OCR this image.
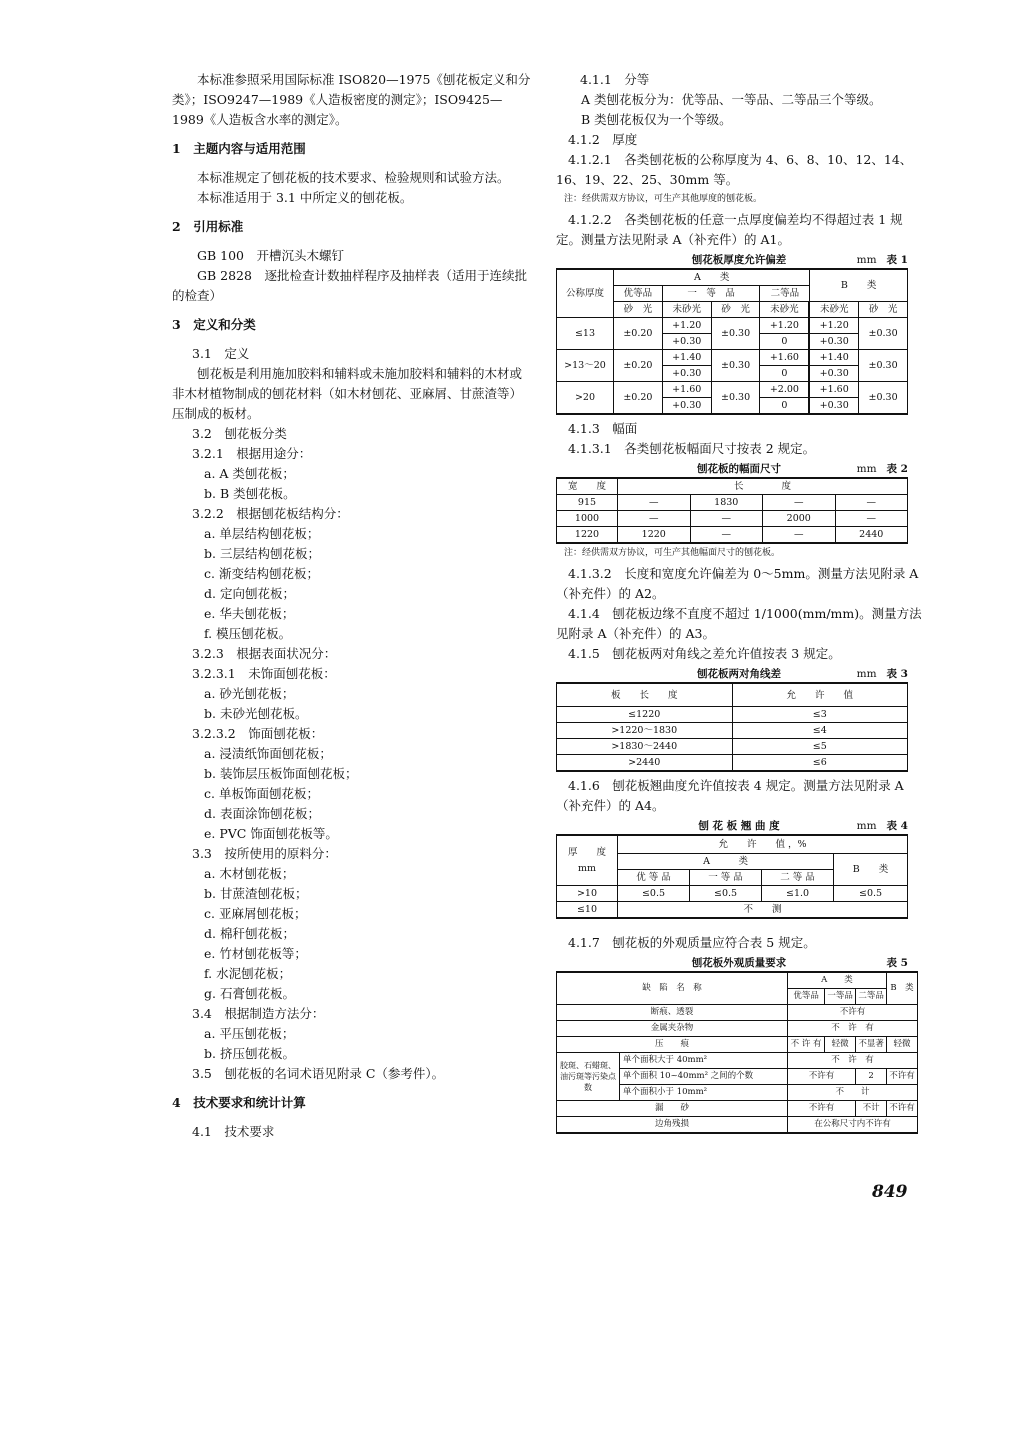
本标准参照采用国际标准 ISO820—1975《刨花板定义和分类》；ISO9247—1989《人造板密度的测定》；ISO9425—1989《人造板含水率的测定》。

1　主题内容与适用范围

本标准规定了刨花板的技术要求、检验规则和试验方法。

本标准适用于 3.1 中所定义的刨花板。

2　引用标准

GB 100　开槽沉头木螺钉

GB 2828　逐批检查计数抽样程序及抽样表（适用于连续批的检查）

3　定义和分类

3.1　定义

刨花板是利用施加胶料和辅料或未施加胶料和辅料的木材或非木材植物制成的刨花材料（如木材刨花、亚麻屑、甘蔗渣等）压制成的板材。

3.2　刨花板分类

3.2.1　根据用途分：

a. A 类刨花板；

b. B 类刨花板。

3.2.2　根据刨花板结构分：

a. 单层结构刨花板；

b. 三层结构刨花板；

c. 渐变结构刨花板；

d. 定向刨花板；

e. 华夫刨花板；

f. 模压刨花板。

3.2.3　根据表面状况分：

3.2.3.1　未饰面刨花板：

a. 砂光刨花板；

b. 未砂光刨花板。

3.2.3.2　饰面刨花板：

a. 浸渍纸饰面刨花板；

b. 装饰层压板饰面刨花板；

c. 单板饰面刨花板；

d. 表面涂饰刨花板；

e. PVC 饰面刨花板等。

3.3　按所使用的原料分：

a. 木材刨花板；

b. 甘蔗渣刨花板；

c. 亚麻屑刨花板；

d. 棉秆刨花板；

e. 竹材刨花板等；

f. 水泥刨花板；

g. 石膏刨花板。

3.4　根据制造方法分：

a. 平压刨花板；

b. 挤压刨花板。

3.5　刨花板的名词术语见附录 C（参考件）。

4　技术要求和统计计算

4.1　技术要求

4.1.1　分等

A 类刨花板分为：优等品、一等品、二等品三个等级。

B 类刨花板仅为一个等级。

4.1.2　厚度

4.1.2.1　各类刨花板的公称厚度为 4、6、8、10、12、14、16、19、22、25、30mm 等。

注：经供需双方协议，可生产其他厚度的刨花板。

4.1.2.2　各类刨花板的任意一点厚度偏差均不得超过表 1 规定。测量方法见附录 A（补充件）的 A1。

刨花板厚度允许偏差	mm 表 1
公称厚度	A　　类				B　　类	
	优等品	一　等　品		二等品		
	砂　光	未砂光	砂　光	未砂光		未砂光	砂　光
≤13	±0.20	+1.20	±0.30	+1.20		+1.20	±0.30
		+0.30		0	+0.30	
>13～20	±0.20	+1.40	±0.30	+1.60		+1.40	±0.30
		+0.30		0	+0.30	
>20	±0.20	+1.60	±0.30	+2.00		+1.60	±0.30
		+0.30		0	+0.30	

4.1.3　幅面

4.1.3.1　各类刨花板幅面尺寸按表 2 规定。

刨花板的幅面尺寸	mm 表 2
宽　　度	长　　　　度			
915	—	1830	—	—
1000	—	—	2000	—
1220	1220	—	—	2440

注：经供需双方协议，可生产其他幅面尺寸的刨花板。

4.1.3.2　长度和宽度允许偏差为 0～5mm。测量方法见附录 A（补充件）的 A2。

4.1.4　刨花板边缘不直度不超过 1/1000(mm/mm)。测量方法见附录 A（补充件）的 A3。

4.1.5　刨花板两对角线之差允许值按表 3 规定。

刨花板两对角线差	mm 表 3
板　　长　　度	允　　许　　值
≤1220	≤3
>1220～1830	≤4
>1830～2440	≤5
>2440	≤6

4.1.6　刨花板翘曲度允许值按表 4 规定。测量方法见附录 A（补充件）的 A4。

刨 花 板 翘 曲 度	mm 表 4
厚　　度
mm	允　　许　　值 ，%			
	A　　　类			B　　类
	优 等 品	一 等 品	二 等 品	
>10	≤0.5	≤0.5	≤1.0	≤0.5
≤10	不　　测			

4.1.7　刨花板的外观质量应符合表 5 规定。

刨花板外观质量要求	表 5
缺　陷　名　称		A　　类			B　类
		优等品	一等品	二等品	
断痕、透裂		不许有			
金属夹杂物		不　许　有			
压　　痕		不 许 有	轻微	不显著	轻微
胶斑、石蜡斑、油污斑等污染点数	单个面积大于 40mm²	不　许　有			
	单个面积 10~40mm² 之间的个数	不许有		2	不许有
	单个面积小于 10mm²	不　　计			
漏　　砂		不许有		不计	不许有
边角残损		在公称尺寸内不许有			
849
